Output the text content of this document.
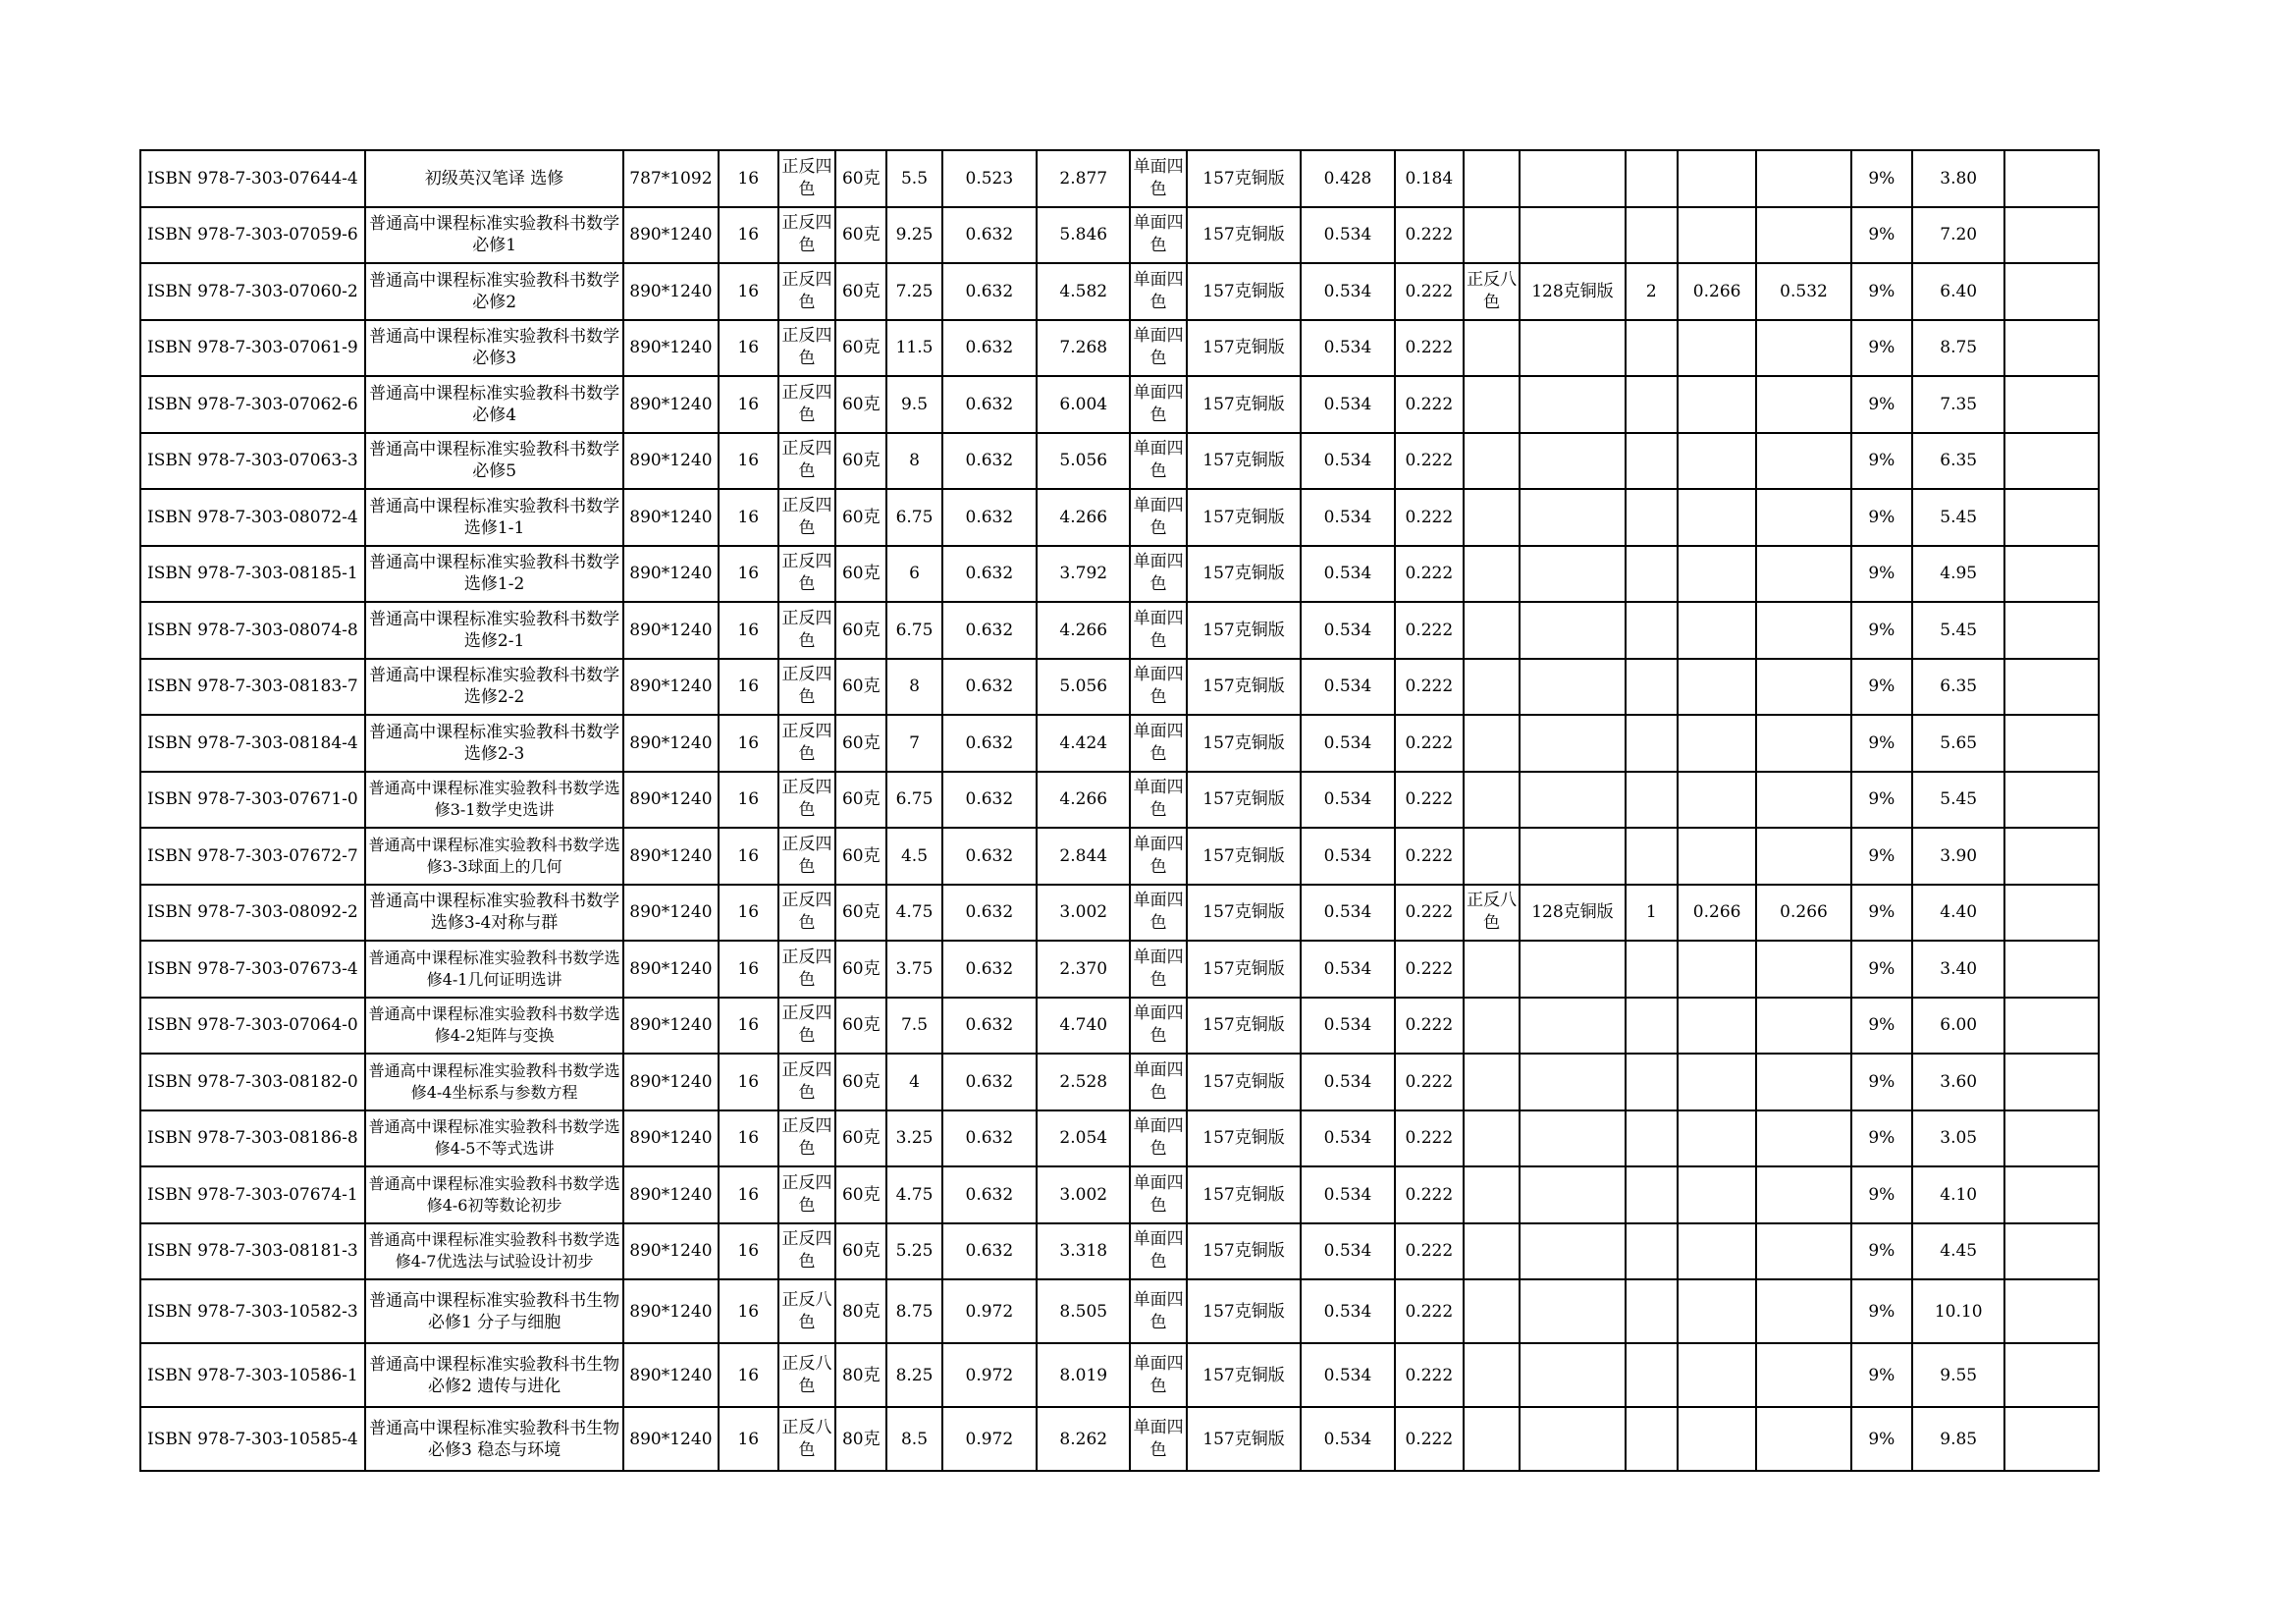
ISBN 978-7-303-07644-4	初级英汉笔译 选修	787*1092	16	正反四色	60克	5.5	0.523	2.877	单面四色	157克铜版	0.428	0.184						9%	3.80	
ISBN 978-7-303-07059-6	普通高中课程标准实验教科书数学必修1	890*1240	16	正反四色	60克	9.25	0.632	5.846	单面四色	157克铜版	0.534	0.222						9%	7.20	
ISBN 978-7-303-07060-2	普通高中课程标准实验教科书数学必修2	890*1240	16	正反四色	60克	7.25	0.632	4.582	单面四色	157克铜版	0.534	0.222	正反八色	128克铜版	2	0.266	0.532	9%	6.40	
ISBN 978-7-303-07061-9	普通高中课程标准实验教科书数学必修3	890*1240	16	正反四色	60克	11.5	0.632	7.268	单面四色	157克铜版	0.534	0.222						9%	8.75	
ISBN 978-7-303-07062-6	普通高中课程标准实验教科书数学必修4	890*1240	16	正反四色	60克	9.5	0.632	6.004	单面四色	157克铜版	0.534	0.222						9%	7.35	
ISBN 978-7-303-07063-3	普通高中课程标准实验教科书数学必修5	890*1240	16	正反四色	60克	8	0.632	5.056	单面四色	157克铜版	0.534	0.222						9%	6.35	
ISBN 978-7-303-08072-4	普通高中课程标准实验教科书数学选修1-1	890*1240	16	正反四色	60克	6.75	0.632	4.266	单面四色	157克铜版	0.534	0.222						9%	5.45	
ISBN 978-7-303-08185-1	普通高中课程标准实验教科书数学选修1-2	890*1240	16	正反四色	60克	6	0.632	3.792	单面四色	157克铜版	0.534	0.222						9%	4.95	
ISBN 978-7-303-08074-8	普通高中课程标准实验教科书数学选修2-1	890*1240	16	正反四色	60克	6.75	0.632	4.266	单面四色	157克铜版	0.534	0.222						9%	5.45	
ISBN 978-7-303-08183-7	普通高中课程标准实验教科书数学选修2-2	890*1240	16	正反四色	60克	8	0.632	5.056	单面四色	157克铜版	0.534	0.222						9%	6.35	
ISBN 978-7-303-08184-4	普通高中课程标准实验教科书数学选修2-3	890*1240	16	正反四色	60克	7	0.632	4.424	单面四色	157克铜版	0.534	0.222						9%	5.65	
ISBN 978-7-303-07671-0	普通高中课程标准实验教科书数学选修3-1数学史选讲	890*1240	16	正反四色	60克	6.75	0.632	4.266	单面四色	157克铜版	0.534	0.222						9%	5.45	
ISBN 978-7-303-07672-7	普通高中课程标准实验教科书数学选修3-3球面上的几何	890*1240	16	正反四色	60克	4.5	0.632	2.844	单面四色	157克铜版	0.534	0.222						9%	3.90	
ISBN 978-7-303-08092-2	普通高中课程标准实验教科书数学选修3-4对称与群	890*1240	16	正反四色	60克	4.75	0.632	3.002	单面四色	157克铜版	0.534	0.222	正反八色	128克铜版	1	0.266	0.266	9%	4.40	
ISBN 978-7-303-07673-4	普通高中课程标准实验教科书数学选修4-1几何证明选讲	890*1240	16	正反四色	60克	3.75	0.632	2.370	单面四色	157克铜版	0.534	0.222						9%	3.40	
ISBN 978-7-303-07064-0	普通高中课程标准实验教科书数学选修4-2矩阵与变换	890*1240	16	正反四色	60克	7.5	0.632	4.740	单面四色	157克铜版	0.534	0.222						9%	6.00	
ISBN 978-7-303-08182-0	普通高中课程标准实验教科书数学选修4-4坐标系与参数方程	890*1240	16	正反四色	60克	4	0.632	2.528	单面四色	157克铜版	0.534	0.222						9%	3.60	
ISBN 978-7-303-08186-8	普通高中课程标准实验教科书数学选修4-5不等式选讲	890*1240	16	正反四色	60克	3.25	0.632	2.054	单面四色	157克铜版	0.534	0.222						9%	3.05	
ISBN 978-7-303-07674-1	普通高中课程标准实验教科书数学选修4-6初等数论初步	890*1240	16	正反四色	60克	4.75	0.632	3.002	单面四色	157克铜版	0.534	0.222						9%	4.10	
ISBN 978-7-303-08181-3	普通高中课程标准实验教科书数学选修4-7优选法与试验设计初步	890*1240	16	正反四色	60克	5.25	0.632	3.318	单面四色	157克铜版	0.534	0.222						9%	4.45	
ISBN 978-7-303-10582-3	普通高中课程标准实验教科书生物必修1 分子与细胞	890*1240	16	正反八色	80克	8.75	0.972	8.505	单面四色	157克铜版	0.534	0.222						9%	10.10	
ISBN 978-7-303-10586-1	普通高中课程标准实验教科书生物必修2 遗传与进化	890*1240	16	正反八色	80克	8.25	0.972	8.019	单面四色	157克铜版	0.534	0.222						9%	9.55	
ISBN 978-7-303-10585-4	普通高中课程标准实验教科书生物必修3 稳态与环境	890*1240	16	正反八色	80克	8.5	0.972	8.262	单面四色	157克铜版	0.534	0.222						9%	9.85	
